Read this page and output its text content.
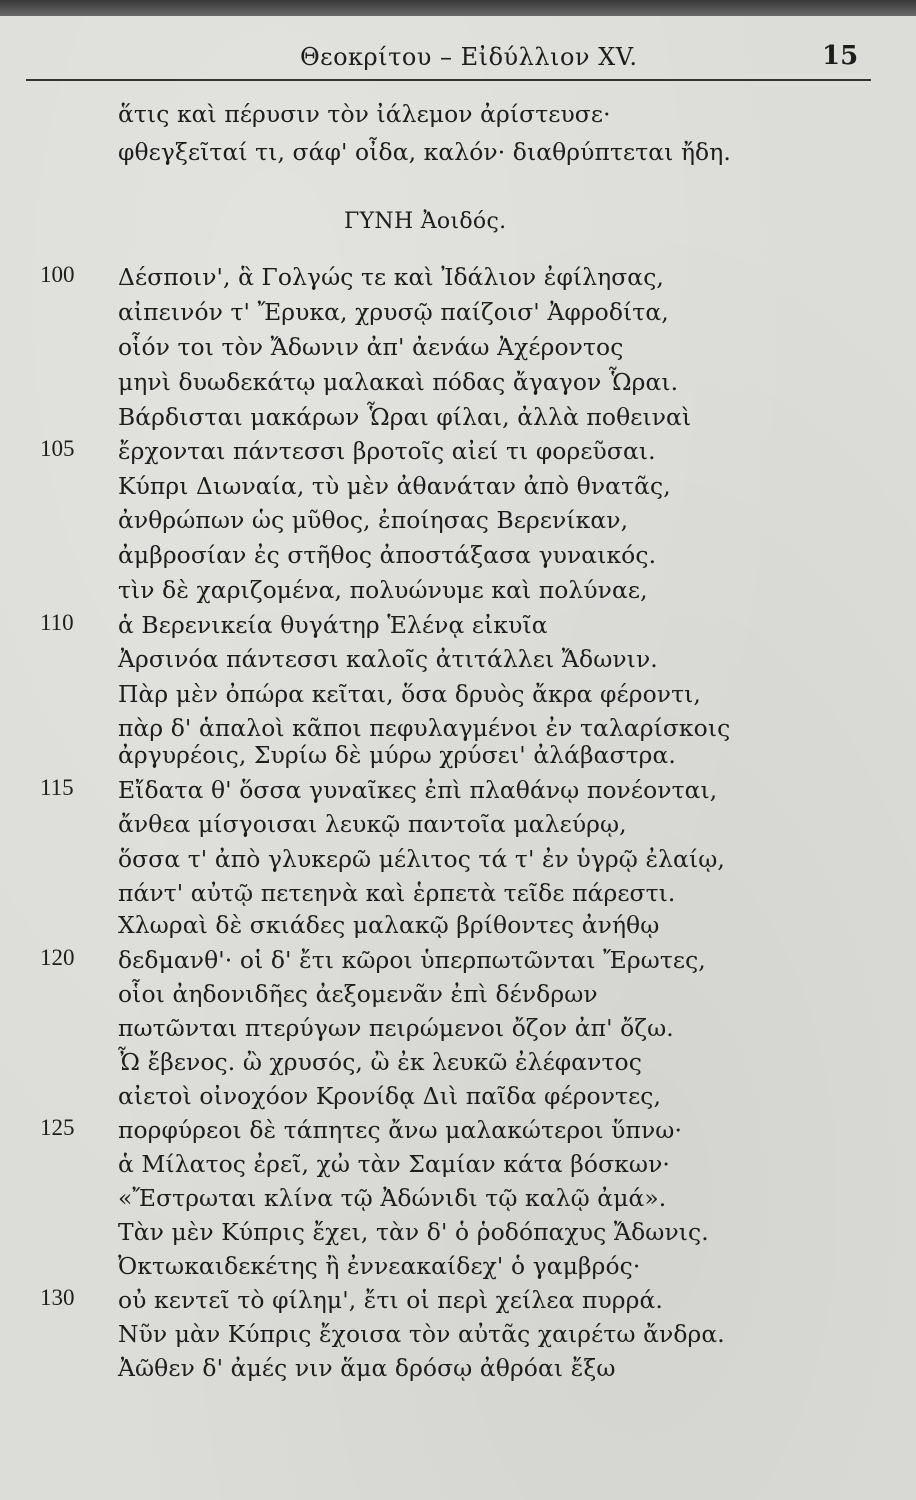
Θεοκρίτου – Εἰδύλλιον XV.	15
ἅτις καὶ πέρυσιν τὸν ἰάλεμον ἀρίστευσε·
φθεγξεῖταί τι, σάφ' οἶδα, καλόν· διαθρύπτεται ἤδη.
ΓΥΝΗ Ἀοιδός.
100
105
110
115
120
125
130
Δέσποιν', ἃ Γολγώς τε καὶ Ἰδάλιον ἐφίλησας,
αἰπεινόν τ' Ἔρυκα, χρυσῷ παίζοισ' Ἀφροδίτα,
οἷόν τοι τὸν Ἄδωνιν ἀπ' ἀενάω Ἀχέροντος
μηνὶ δυωδεκάτῳ μαλακαὶ πόδας ἄγαγον Ὧραι.
Βάρδισται μακάρων Ὧραι φίλαι, ἀλλὰ ποθειναὶ
ἔρχονται πάντεσσι βροτοῖς αἰεί τι φορεῦσαι.
Κύπρι Διωναία, τὺ μὲν ἀθανάταν ἀπὸ θνατᾶς,
ἀνθρώπων ὡς μῦθος, ἐποίησας Βερενίκαν,
ἀμβροσίαν ἐς στῆθος ἀποστάξασα γυναικός.
τὶν δὲ χαριζομένα, πολυώνυμε καὶ πολύναε,
ἁ Βερενικεία θυγάτηρ Ἑλένᾳ εἰκυῖα
Ἀρσινόα πάντεσσι καλοῖς ἀτιτάλλει Ἄδωνιν.
Πὰρ μὲν ὀπώρα κεῖται, ὅσα δρυὸς ἄκρα φέροντι,
πὰρ δ' ἁπαλοὶ κᾶποι πεφυλαγμένοι ἐν ταλαρίσκοις
ἀργυρέοις, Συρίω δὲ μύρω χρύσει' ἀλάβαστρα.
Εἴδατα θ' ὅσσα γυναῖκες ἐπὶ πλαθάνῳ πονέονται,
ἄνθεα μίσγοισαι λευκῷ παντοῖα μαλεύρῳ,
ὅσσα τ' ἀπὸ γλυκερῶ μέλιτος τά τ' ἐν ὑγρῷ ἐλαίῳ,
πάντ' αὐτῷ πετεηνὰ καὶ ἑρπετὰ τεῖδε πάρεστι.
Χλωραὶ δὲ σκιάδες μαλακῷ βρίθοντες ἀνήθῳ
δεδμανθ'· οἱ δ' ἔτι κῶροι ὑπερπωτῶνται Ἔρωτες,
οἷοι ἀηδονιδῆες ἀεξομενᾶν ἐπὶ δένδρων
πωτῶνται πτερύγων πειρώμενοι ὄζον ἀπ' ὄζω.
Ὦ ἔβενος. ὢ χρυσός, ὢ ἐκ λευκῶ ἐλέφαντος
αἰετοὶ οἰνοχόον Κρονίδᾳ Διὶ παῖδα φέροντες,
πορφύρεοι δὲ τάπητες ἄνω μαλακώτεροι ὕπνω·
ἁ Μίλατος ἐρεῖ, χὠ τὰν Σαμίαν κάτα βόσκων·
«Ἔστρωται κλίνα τῷ Ἀδώνιδι τῷ καλῷ ἀμά».
Τὰν μὲν Κύπρις ἔχει, τὰν δ' ὁ ῥοδόπαχυς Ἄδωνις.
Ὀκτωκαιδεκέτης ἢ ἐννεακαίδεχ' ὁ γαμβρός·
οὐ κεντεῖ τὸ φίλημ', ἔτι οἱ περὶ χείλεα πυρρά.
Νῦν μὰν Κύπρις ἔχοισα τὸν αὐτᾶς χαιρέτω ἄνδρα.
Ἀῶθεν δ' ἀμές νιν ἅμα δρόσῳ ἀθρόαι ἔξω
